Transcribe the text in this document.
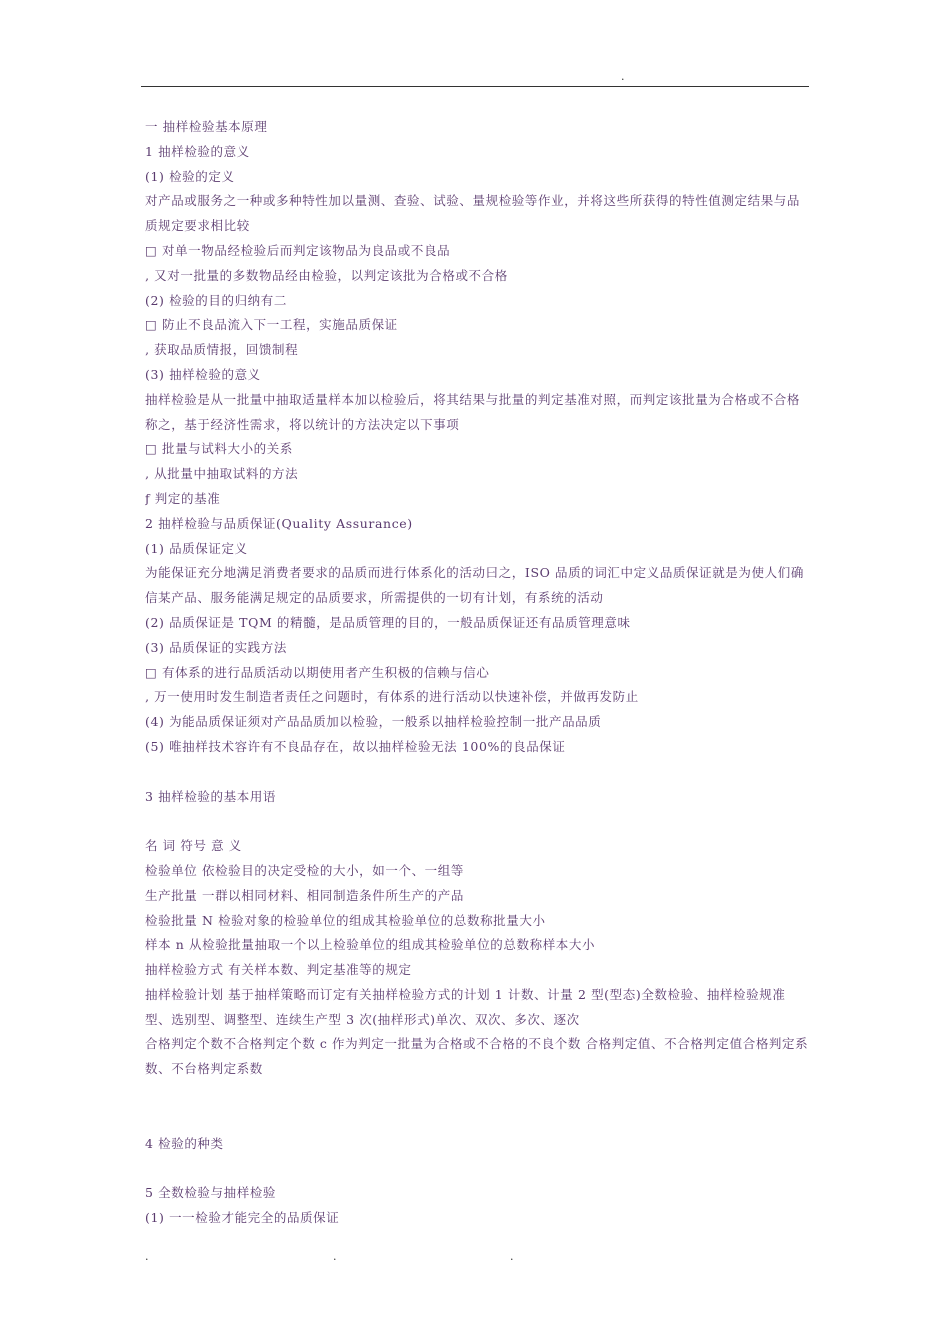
.
一 抽样检验基本原理
1 抽样检验的意义
(1) 检验的定义
对产品或服务之一种或多种特性加以量测、查验、试验、量规检验等作业，并将这些所获得的特性值测定结果与品质规定要求相比较
□ 对单一物品经检验后而判定该物品为良品或不良品
‚ 又对一批量的多数物品经由检验，以判定该批为合格或不合格
(2) 检验的目的归纳有二
□ 防止不良品流入下一工程，实施品质保证
‚ 获取品质情报，回馈制程
(3) 抽样检验的意义
抽样检验是从一批量中抽取适量样本加以检验后，将其结果与批量的判定基准对照，而判定该批量为合格或不合格称之，基于经济性需求，将以统计的方法决定以下事项
□ 批量与试料大小的关系
‚ 从批量中抽取试料的方法
ƒ 判定的基准
2 抽样检验与品质保证(Quality Assurance)
(1) 品质保证定义
为能保证充分地满足消费者要求的品质而进行体系化的活动曰之，ISO 品质的词汇中定义品质保证就是为使人们确信某产品、服务能满足规定的品质要求，所需提供的一切有计划，有系统的活动
(2) 品质保证是 TQM 的精髓，是品质管理的目的，一般品质保证还有品质管理意味
(3) 品质保证的实践方法
□ 有体系的进行品质活动以期使用者产生积极的信赖与信心
‚ 万一使用时发生制造者责任之问题时，有体系的进行活动以快速补偿，并做再发防止
(4) 为能品质保证须对产品品质加以检验，一般系以抽样检验控制一批产品品质
(5) 唯抽样技术容许有不良品存在，故以抽样检验无法 100%的良品保证
3 抽样检验的基本用语
名 词 符号 意 义
检验单位 依检验目的决定受检的大小，如一个、一组等
生产批量 一群以相同材料、相同制造条件所生产的产品
检验批量 N 检验对象的检验单位的组成其检验单位的总数称批量大小
样本 n 从检验批量抽取一个以上检验单位的组成其检验单位的总数称样本大小
抽样检验方式 有关样本数、判定基准等的规定
抽样检验计划 基于抽样策略而订定有关抽样检验方式的计划 1 计数、计量 2 型(型态)全数检验、抽样检验规准型、选别型、调整型、连续生产型 3 次(抽样形式)单次、双次、多次、逐次
合格判定个数不合格判定个数 c 作为判定一批量为合格或不合格的不良个数 合格判定值、不合格判定值合格判定系数、不台格判定系数
4 检验的种类
5 全数检验与抽样检验
(1) 一一检验才能完全的品质保证
.	.	.
